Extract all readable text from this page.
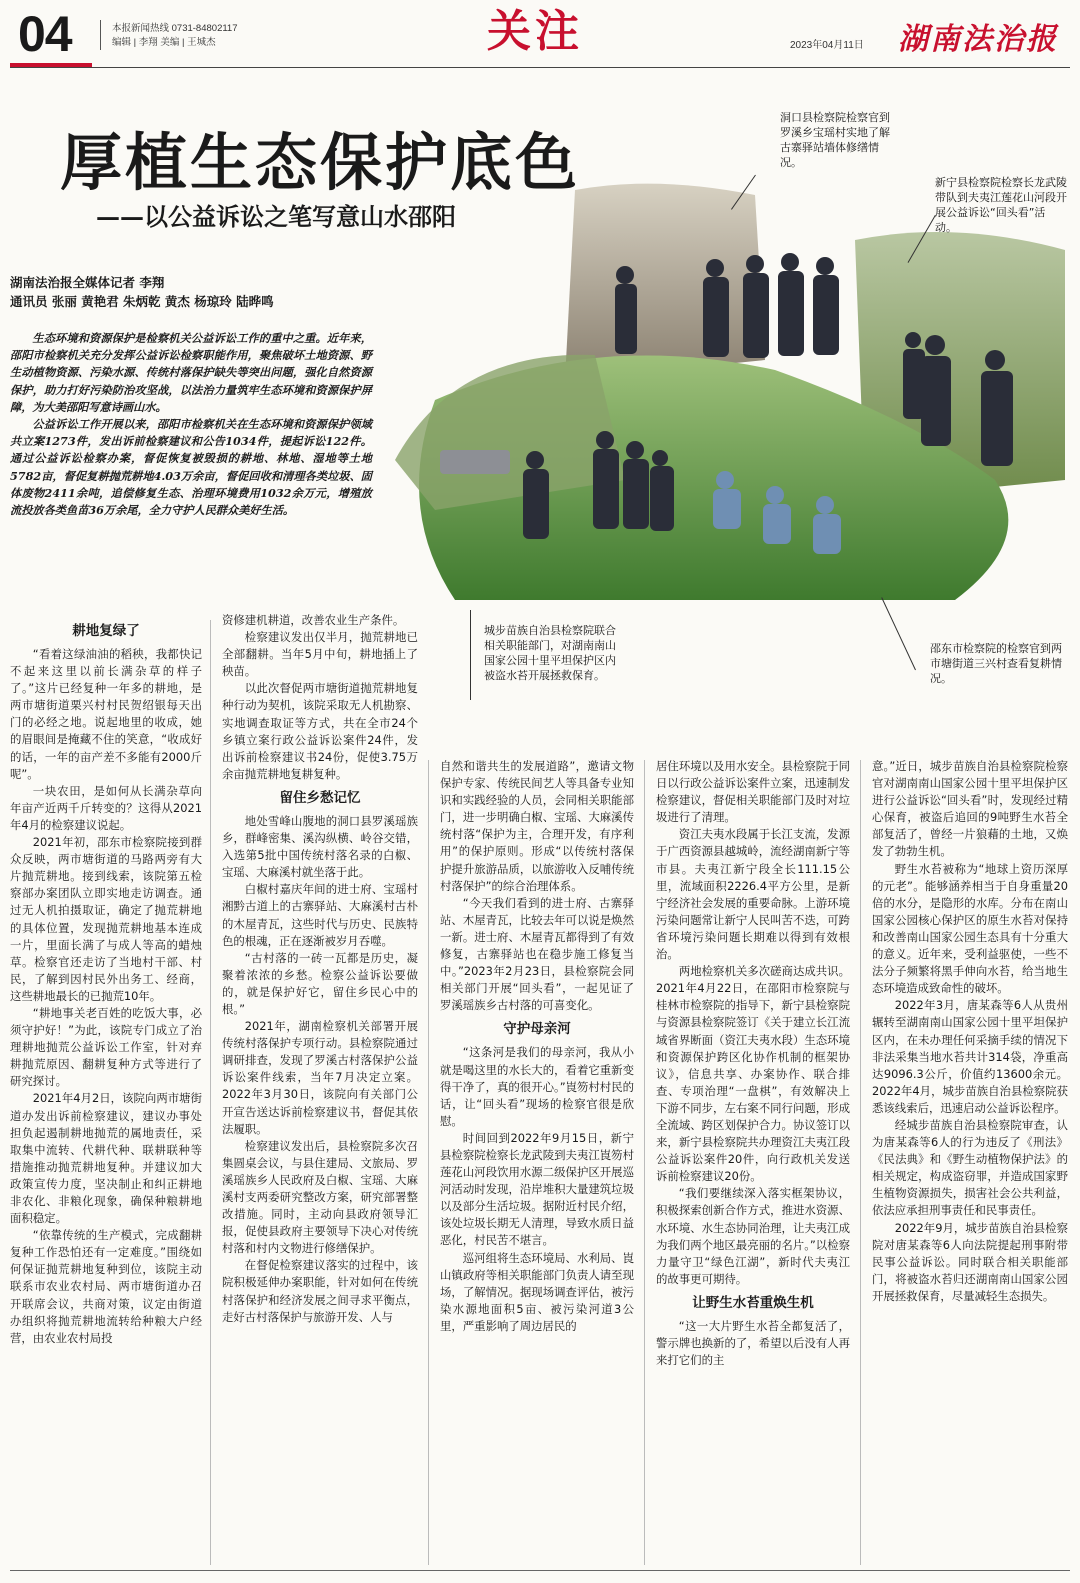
04	本报新闻热线 0731-84802117
编辑 | 李翔 美编 | 王城杰	关注	2023年04月11日 湖南法治报
厚植生态保护底色
——以公益诉讼之笔写意山水邵阳
湖南法治报全媒体记者 李翔
通讯员 张丽 黄艳君 朱炳乾 黄杰 杨琼玲 陆晔鸣

生态环境和资源保护是检察机关公益诉讼工作的重中之重。近年来，邵阳市检察机关充分发挥公益诉讼检察职能作用，聚焦破坏土地资源、野生动植物资源、污染水源、传统村落保护缺失等突出问题，强化自然资源保护，助力打好污染防治攻坚战，以法治力量筑牢生态环境和资源保护屏障，为大美邵阳写意诗画山水。

公益诉讼工作开展以来，邵阳市检察机关在生态环境和资源保护领域共立案1273件，发出诉前检察建议和公告1034件，提起诉讼122件。通过公益诉讼检察办案，督促恢复被毁损的耕地、林地、湿地等土地5782亩，督促复耕抛荒耕地4.03万余亩，督促回收和清理各类垃圾、固体废物2411余吨，追偿修复生态、治理环境费用1032余万元，增殖放流投放各类鱼苗36万余尾，全力守护人民群众美好生活。

洞口县检察院检察官到罗溪乡宝瑶村实地了解古寨驿站墙体修缮情况。
新宁县检察院检察长龙武陵带队到夫夷江莲花山河段开展公益诉讼“回头看”活动。
城步苗族自治县检察院联合相关职能部门，对湖南南山国家公园十里平坦保护区内被盗水苔开展拯救保育。
邵东市检察院的检察官到两市塘街道三兴村查看复耕情况。
耕地复绿了

“看着这绿油油的稻秧，我都快记不起来这里以前长满杂草的样子了。”这片已经复种一年多的耕地，是两市塘街道栗兴村村民贺绍银每天出门的必经之地。说起地里的收成，她的眉眼间是掩藏不住的笑意，“收成好的话，一年的亩产差不多能有2000斤呢”。

一块农田，是如何从长满杂草向年亩产近两千斤转变的？这得从2021年4月的检察建议说起。

2021年初，邵东市检察院接到群众反映，两市塘街道的马路两旁有大片抛荒耕地。接到线索，该院第五检察部办案团队立即实地走访调查。通过无人机拍摄取证，确定了抛荒耕地的具体位置，发现抛荒耕地基本连成一片，里面长满了与成人等高的蜡烛草。检察官还走访了当地村干部、村民，了解到因村民外出务工、经商，这些耕地最长的已抛荒10年。

“耕地事关老百姓的吃饭大事，必须守护好！”为此，该院专门成立了治理耕地抛荒公益诉讼工作室，针对弃耕抛荒原因、翻耕复种方式等进行了研究探讨。

2021年4月2日，该院向两市塘街道办发出诉前检察建议，建议办事处担负起遏制耕地抛荒的属地责任，采取集中流转、代耕代种、联耕联种等措施推动抛荒耕地复种。并建议加大政策宣传力度，坚决制止和纠正耕地非农化、非粮化现象，确保种粮耕地面积稳定。

“依靠传统的生产模式，完成翻耕复种工作恐怕还有一定难度。”围绕如何保证抛荒耕地复种到位，该院主动联系市农业农村局、两市塘街道办召开联席会议，共商对策，议定由街道办组织将抛荒耕地流转给种粮大户经营，由农业农村局投

资修建机耕道，改善农业生产条件。

检察建议发出仅半月，抛荒耕地已全部翻耕。当年5月中旬，耕地插上了秧苗。

以此次督促两市塘街道抛荒耕地复种行动为契机，该院采取无人机勘察、实地调查取证等方式，共在全市24个乡镇立案行政公益诉讼案件24件，发出诉前检察建议书24份，促使3.75万余亩抛荒耕地复耕复种。

留住乡愁记忆

地处雪峰山腹地的洞口县罗溪瑶族乡，群峰密集、溪沟纵横、岭谷交错，入选第5批中国传统村落名录的白椒、宝瑶、大麻溪村就坐落于此。

白椒村嘉庆年间的进士府、宝瑶村湘黔古道上的古寨驿站、大麻溪村古朴的木屋青瓦，这些时代与历史、民族特色的根魂，正在逐渐被岁月吞噬。

“古村落的一砖一瓦都是历史，凝聚着浓浓的乡愁。检察公益诉讼要做的，就是保护好它，留住乡民心中的根。”

2021年，湖南检察机关部署开展传统村落保护专项行动。县检察院通过调研排查，发现了罗溪古村落保护公益诉讼案件线索，当年7月决定立案。2022年3月30日，该院向有关部门公开宣告送达诉前检察建议书，督促其依法履职。

检察建议发出后，县检察院多次召集圆桌会议，与县住建局、文旅局、罗溪瑶族乡人民政府及白椒、宝瑶、大麻溪村支两委研究整改方案，研究部署整改措施。同时，主动向县政府领导汇报，促使县政府主要领导下决心对传统村落和村内文物进行修缮保护。

在督促检察建议落实的过程中，该院积极延伸办案职能，针对如何在传统村落保护和经济发展之间寻求平衡点，走好古村落保护与旅游开发、人与

自然和谐共生的发展道路”，邀请文物保护专家、传统民间艺人等具备专业知识和实践经验的人员，会同相关职能部门，进一步明确白椒、宝瑶、大麻溪传统村落“保护为主，合理开发，有序利用”的保护原则。形成“以传统村落保护提升旅游品质，以旅游收入反哺传统村落保护”的综合治理体系。

“今天我们看到的进士府、古寨驿站、木屋青瓦，比较去年可以说是焕然一新。进士府、木屋青瓦都得到了有效修复，古寨驿站也在稳步施工修复当中。”2023年2月23日，县检察院会同相关部门开展“回头看”，一起见证了罗溪瑶族乡古村落的可喜变化。

守护母亲河

“这条河是我们的母亲河，我从小就是喝这里的水长大的，看着它重新变得干净了，真的很开心。”崀笏村村民的话，让“回头看”现场的检察官很是欣慰。

时间回到2022年9月15日，新宁县检察院检察长龙武陵到夫夷江崀笏村莲花山河段饮用水源二级保护区开展巡河活动时发现，沿岸堆积大量建筑垃圾以及部分生活垃圾。据附近村民介绍，该处垃圾长期无人清理，导致水质日益恶化，村民苦不堪言。

巡河组将生态环境局、水利局、崀山镇政府等相关职能部门负责人请至现场，了解情况。据现场调查评估，被污染水源地面积5亩、被污染河道3公里，严重影响了周边居民的

居住环境以及用水安全。县检察院于同日以行政公益诉讼案件立案，迅速制发检察建议，督促相关职能部门及时对垃圾进行了清理。

资江夫夷水段属于长江支流，发源于广西资源县越城岭，流经湖南新宁等市县。夫夷江新宁段全长111.15公里，流域面积2226.4平方公里，是新宁经济社会发展的重要命脉。上游环境污染问题常让新宁人民叫苦不迭，可跨省环境污染问题长期难以得到有效根治。

两地检察机关多次磋商达成共识。2021年4月22日，在邵阳市检察院与桂林市检察院的指导下，新宁县检察院与资源县检察院签订《关于建立长江流域省界断面（资江夫夷水段）生态环境和资源保护跨区化协作机制的框架协议》，信息共享、办案协作、联合排查、专项治理“一盘棋”，有效解决上下游不同步，左右案不同行问题，形成全流域、跨区划保护合力。协议签订以来，新宁县检察院共办理资江夫夷江段公益诉讼案件20件，向行政机关发送诉前检察建议20份。

“我们要继续深入落实框架协议，积极探索创新合作方式，推进水资源、水环境、水生态协同治理，让夫夷江成为我们两个地区最亮丽的名片。”以检察力量守卫“绿色江湖”，新时代夫夷江的故事更可期待。

让野生水苔重焕生机

“这一大片野生水苔全都复活了，警示牌也换新的了，希望以后没有人再来打它们的主

意。”近日，城步苗族自治县检察院检察官对湖南南山国家公园十里平坦保护区进行公益诉讼“回头看”时，发现经过精心保育，被盗后追回的9吨野生水苔全部复活了，曾经一片狼藉的土地，又焕发了勃勃生机。

野生水苔被称为“地球上资历深厚的元老”。能够涵养相当于自身重量20倍的水分，是隐形的水库。分布在南山国家公园核心保护区的原生水苔对保持和改善南山国家公园生态具有十分重大的意义。近年来，受利益驱使，一些不法分子频繁将黑手伸向水苔，给当地生态环境造成致命性的破坏。

2022年3月，唐某森等6人从贵州辗转至湖南南山国家公园十里平坦保护区内，在未办理任何采摘手续的情况下非法采集当地水苔共计314袋，净重高达9096.3公斤，价值约13600余元。2022年4月，城步苗族自治县检察院获悉该线索后，迅速启动公益诉讼程序。

经城步苗族自治县检察院审查，认为唐某森等6人的行为违反了《刑法》《民法典》和《野生动植物保护法》的相关规定，构成盗窃罪，并造成国家野生植物资源损失，损害社会公共利益，依法应承担刑事责任和民事责任。

2022年9月，城步苗族自治县检察院对唐某森等6人向法院提起刑事附带民事公益诉讼。同时联合相关职能部门，将被盗水苔归还湖南南山国家公园开展拯救保育，尽量减轻生态损失。
